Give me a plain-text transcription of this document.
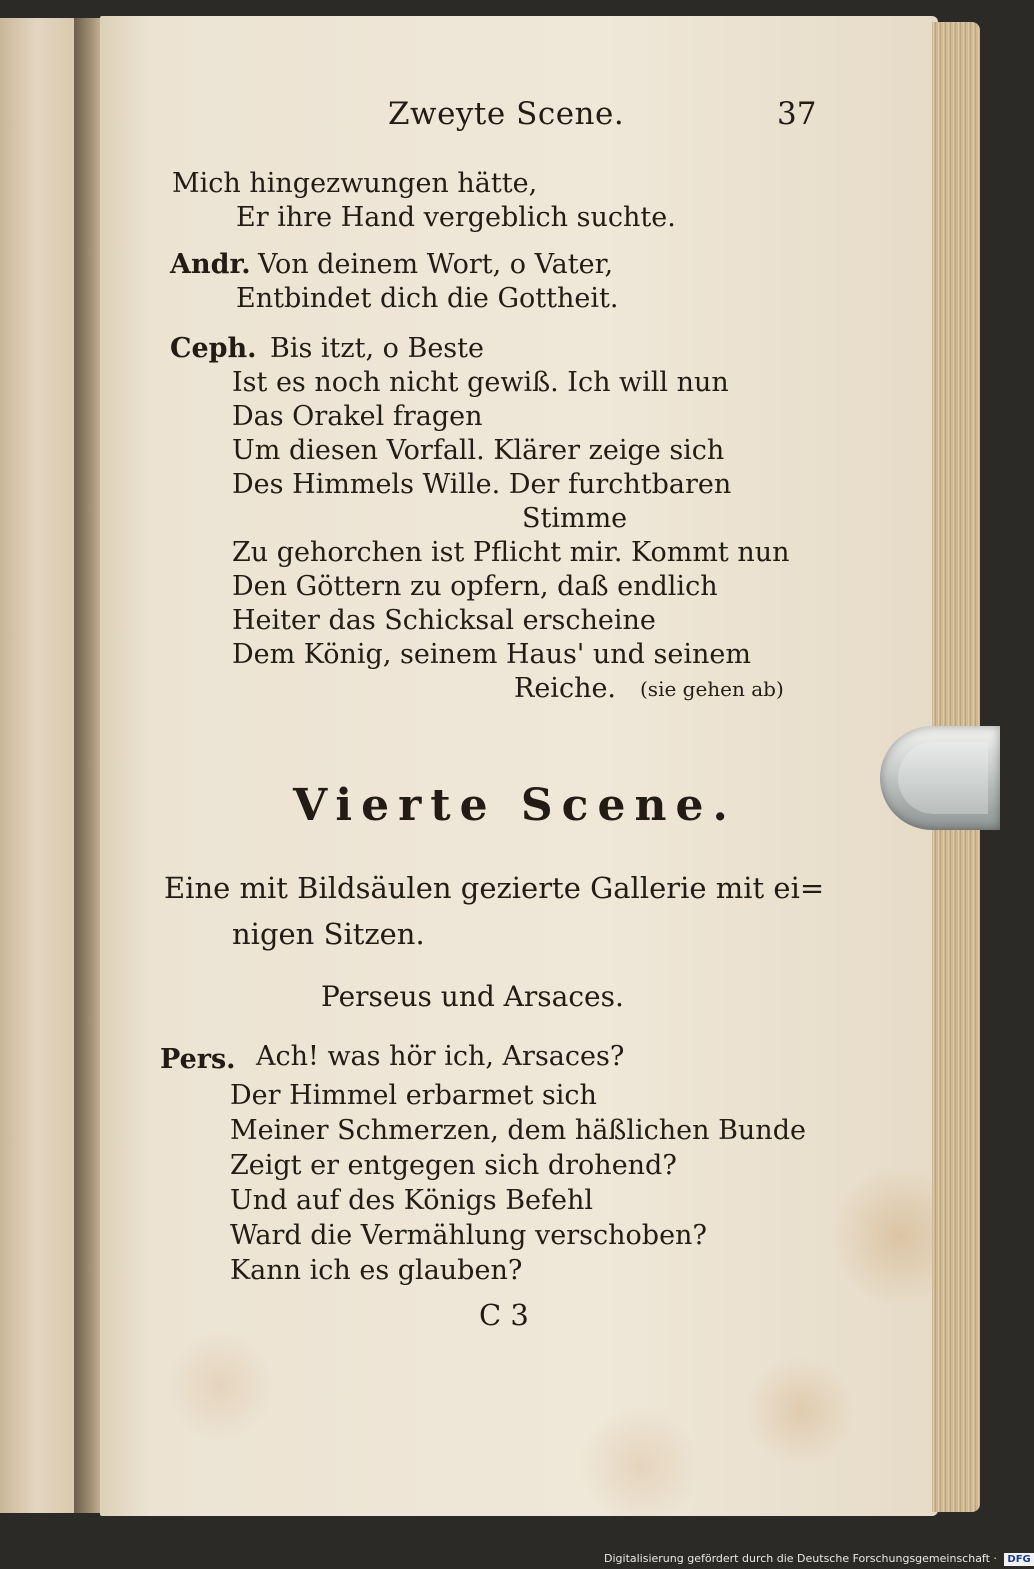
Zweyte Scene.	37
Mich hingezwungen hätte,
Er ihre Hand vergeblich suchte.
Andr. Von deinem Wort, o Vater,
Entbindet dich die Gottheit.
Ceph. Bis itzt, o Beste
Ist es noch nicht gewiß. Ich will nun
Das Orakel fragen
Um diesen Vorfall. Klärer zeige sich
Des Himmels Wille. Der furchtbaren
Stimme
Zu gehorchen ist Pflicht mir. Kommt nun
Den Göttern zu opfern, daß endlich
Heiter das Schicksal erscheine
Dem König, seinem Haus' und seinem
Reiche. (sie gehen ab)
Vierte Scene.
Eine mit Bildsäulen gezierte Gallerie mit ei=
nigen Sitzen.
Perseus und Arsaces.
Pers. Ach! was hör ich, Arsaces?
Der Himmel erbarmet sich
Meiner Schmerzen, dem häßlichen Bunde
Zeigt er entgegen sich drohend?
Und auf des Königs Befehl
Ward die Vermählung verschoben?
Kann ich es glauben?
C 3
Digitalisierung gefördert durch die Deutsche Forschungsgemeinschaft · DFG
